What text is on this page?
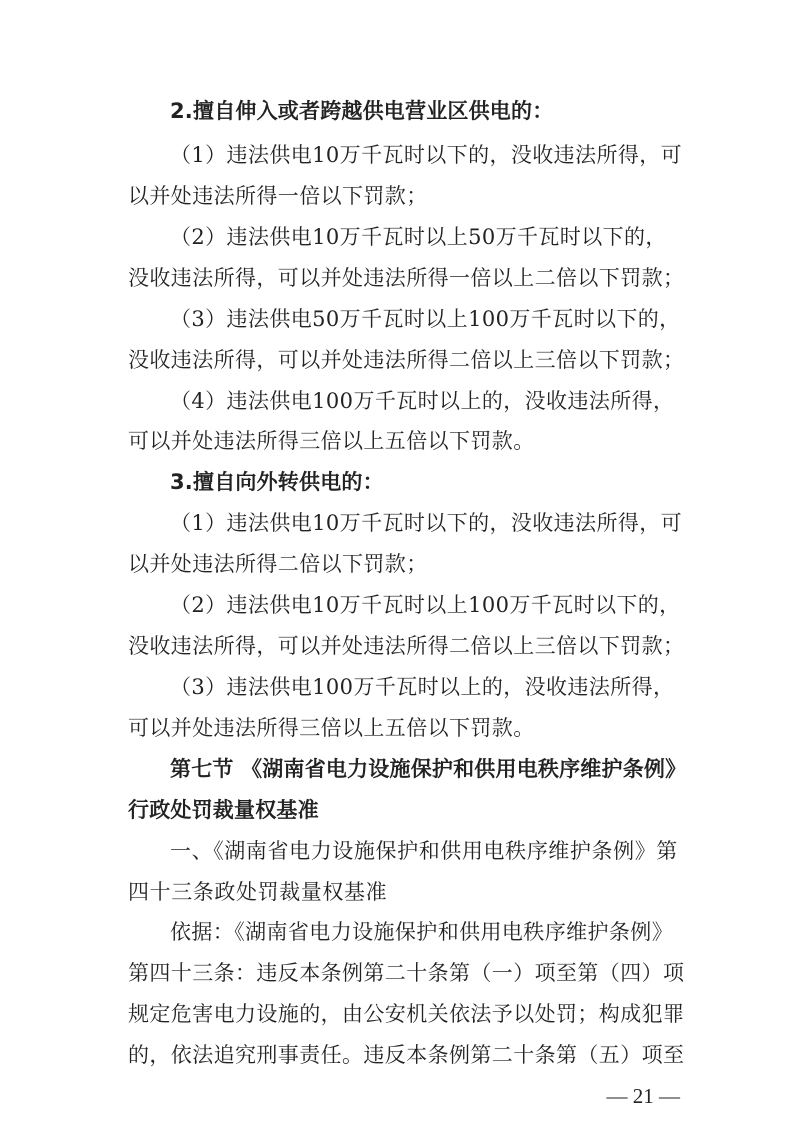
2.擅自伸入或者跨越供电营业区供电的：
（1）违法供电10万千瓦时以下的，没收违法所得，可
以并处违法所得一倍以下罚款；
（2）违法供电10万千瓦时以上50万千瓦时以下的，
没收违法所得，可以并处违法所得一倍以上二倍以下罚款；
（3）违法供电50万千瓦时以上100万千瓦时以下的，
没收违法所得，可以并处违法所得二倍以上三倍以下罚款；
（4）违法供电100万千瓦时以上的，没收违法所得，
可以并处违法所得三倍以上五倍以下罚款。
3.擅自向外转供电的：
（1）违法供电10万千瓦时以下的，没收违法所得，可
以并处违法所得二倍以下罚款；
（2）违法供电10万千瓦时以上100万千瓦时以下的，
没收违法所得，可以并处违法所得二倍以上三倍以下罚款；
（3）违法供电100万千瓦时以上的，没收违法所得，
可以并处违法所得三倍以上五倍以下罚款。
第七节 《湖南省电力设施保护和供用电秩序维护条例》
行政处罚裁量权基准
一、《湖南省电力设施保护和供用电秩序维护条例》第
四十三条政处罚裁量权基准
依据：《湖南省电力设施保护和供用电秩序维护条例》
第四十三条：违反本条例第二十条第（一）项至第（四）项
规定危害电力设施的，由公安机关依法予以处罚；构成犯罪
的，依法追究刑事责任。违反本条例第二十条第（五）项至
— 21 —
